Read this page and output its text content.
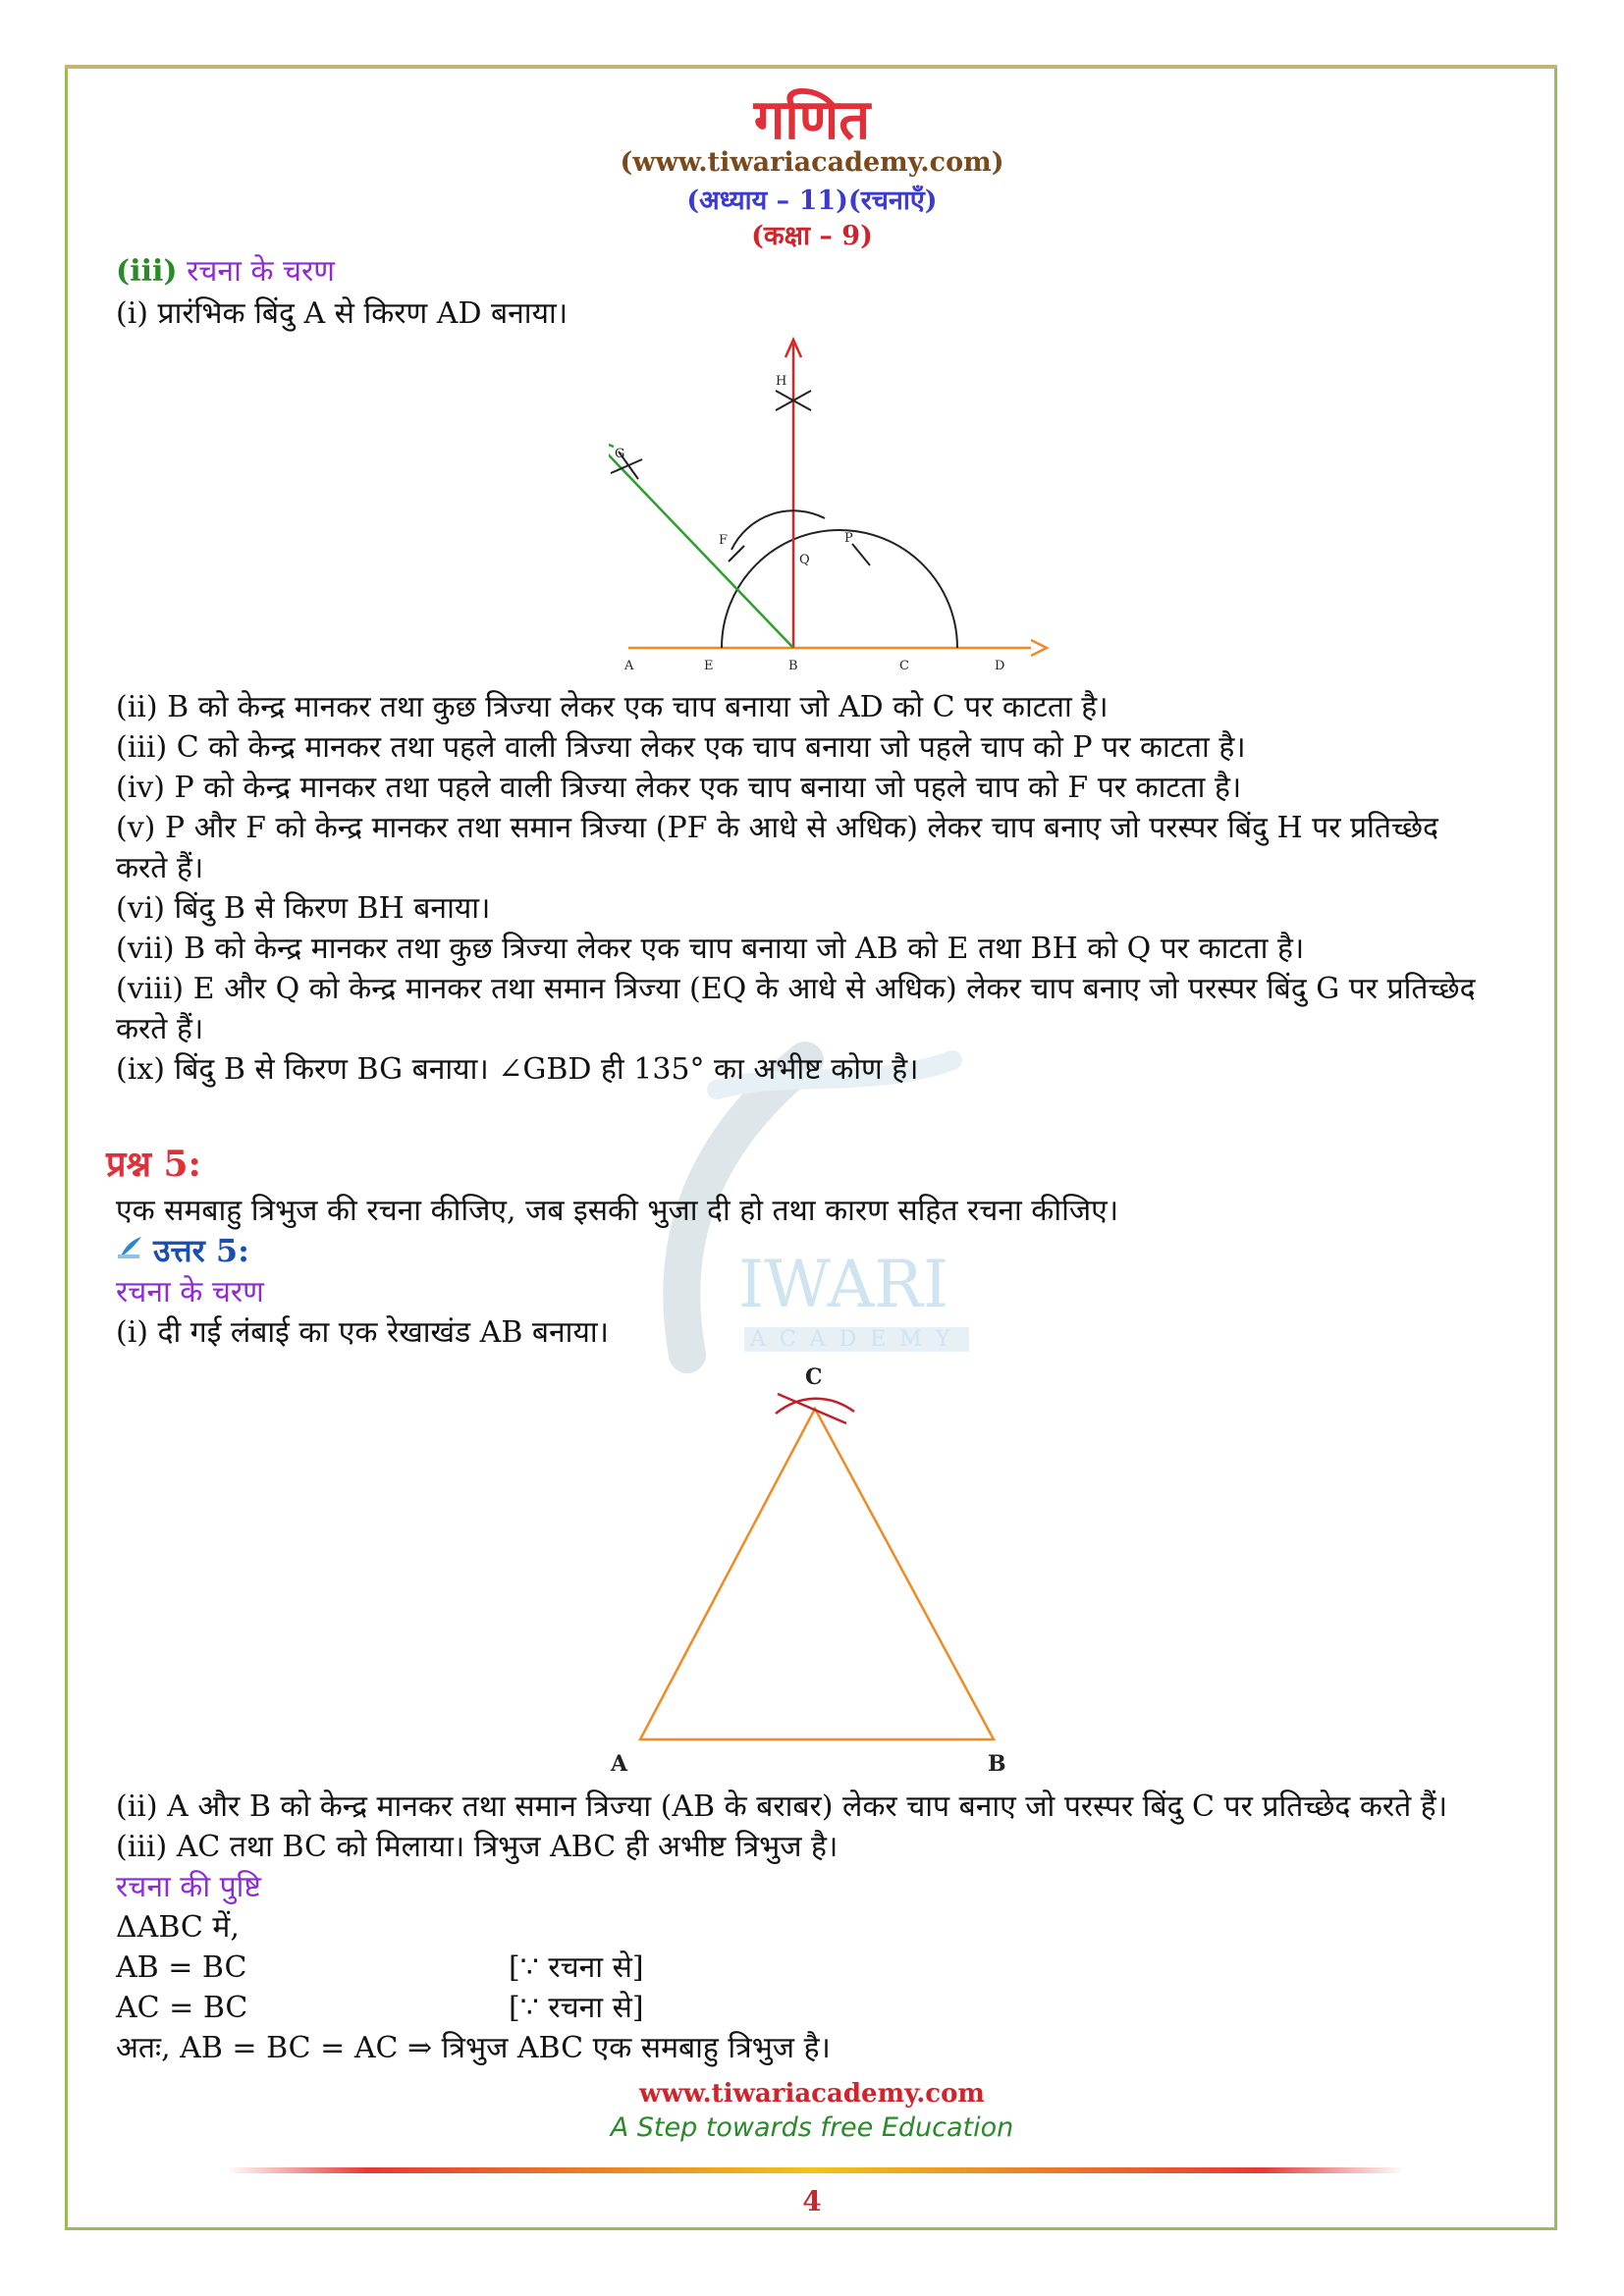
IWARI
ACADEMY
गणित
(www.tiwariacademy.com)
(अध्याय – 11)(रचनाएँ)
(कक्षा – 9)
(iii) रचना के चरण
(i) प्रारंभिक बिंदु A से किरण AD बनाया।
H
G
F
Q
P
A	E	B	C	D
(ii) B को केन्द्र मानकर तथा कुछ त्रिज्या लेकर एक चाप बनाया जो AD को C पर काटता है।
(iii) C को केन्द्र मानकर तथा पहले वाली त्रिज्या लेकर एक चाप बनाया जो पहले चाप को P पर काटता है।
(iv) P को केन्द्र मानकर तथा पहले वाली त्रिज्या लेकर एक चाप बनाया जो पहले चाप को F पर काटता है।
(v) P और F को केन्द्र मानकर तथा समान त्रिज्या (PF के आधे से अधिक) लेकर चाप बनाए जो परस्पर बिंदु H पर प्रतिच्छेद
करते हैं।
(vi) बिंदु B से किरण BH बनाया।
(vii) B को केन्द्र मानकर तथा कुछ त्रिज्या लेकर एक चाप बनाया जो AB को E तथा BH को Q पर काटता है।
(viii) E और Q को केन्द्र मानकर तथा समान त्रिज्या (EQ के आधे से अधिक) लेकर चाप बनाए जो परस्पर बिंदु G पर प्रतिच्छेद
करते हैं।
(ix) बिंदु B से किरण BG बनाया। ∠GBD ही 135° का अभीष्ट कोण है।
प्रश्न 5:
एक समबाहु त्रिभुज की रचना कीजिए, जब इसकी भुजा दी हो तथा कारण सहित रचना कीजिए।
उत्तर 5:
रचना के चरण
(i) दी गई लंबाई का एक रेखाखंड AB बनाया।
C
A	B
(ii) A और B को केन्द्र मानकर तथा समान त्रिज्या (AB के बराबर) लेकर चाप बनाए जो परस्पर बिंदु C पर प्रतिच्छेद करते हैं।
(iii) AC तथा BC को मिलाया। त्रिभुज ABC ही अभीष्ट त्रिभुज है।
रचना की पुष्टि
ΔABC में,
AB = BC	[∵ रचना से]
AC = BC	[∵ रचना से]
अतः, AB = BC = AC ⇒ त्रिभुज ABC एक समबाहु त्रिभुज है।
www.tiwariacademy.com
A Step towards free Education
4
